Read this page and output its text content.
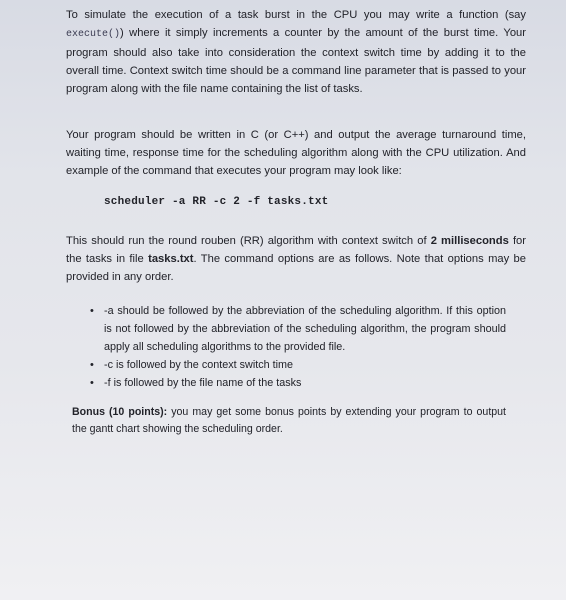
To simulate the execution of a task burst in the CPU you may write a function (say execute()) where it simply increments a counter by the amount of the burst time. Your program should also take into consideration the context switch time by adding it to the overall time. Context switch time should be a command line parameter that is passed to your program along with the file name containing the list of tasks.

Your program should be written in C (or C++) and output the average turnaround time, waiting time, response time for the scheduling algorithm along with the CPU utilization. And example of the command that executes your program may look like:

scheduler -a RR -c 2 -f tasks.txt

This should run the round rouben (RR) algorithm with context switch of 2 milliseconds for the tasks in file tasks.txt. The command options are as follows. Note that options may be provided in any order.

• -a should be followed by the abbreviation of the scheduling algorithm. If this option is not followed by the abbreviation of the scheduling algorithm, the program should apply all scheduling algorithms to the provided file.
• -c is followed by the context switch time
• -f is followed by the file name of the tasks

Bonus (10 points): you may get some bonus points by extending your program to output the gantt chart showing the scheduling order.
